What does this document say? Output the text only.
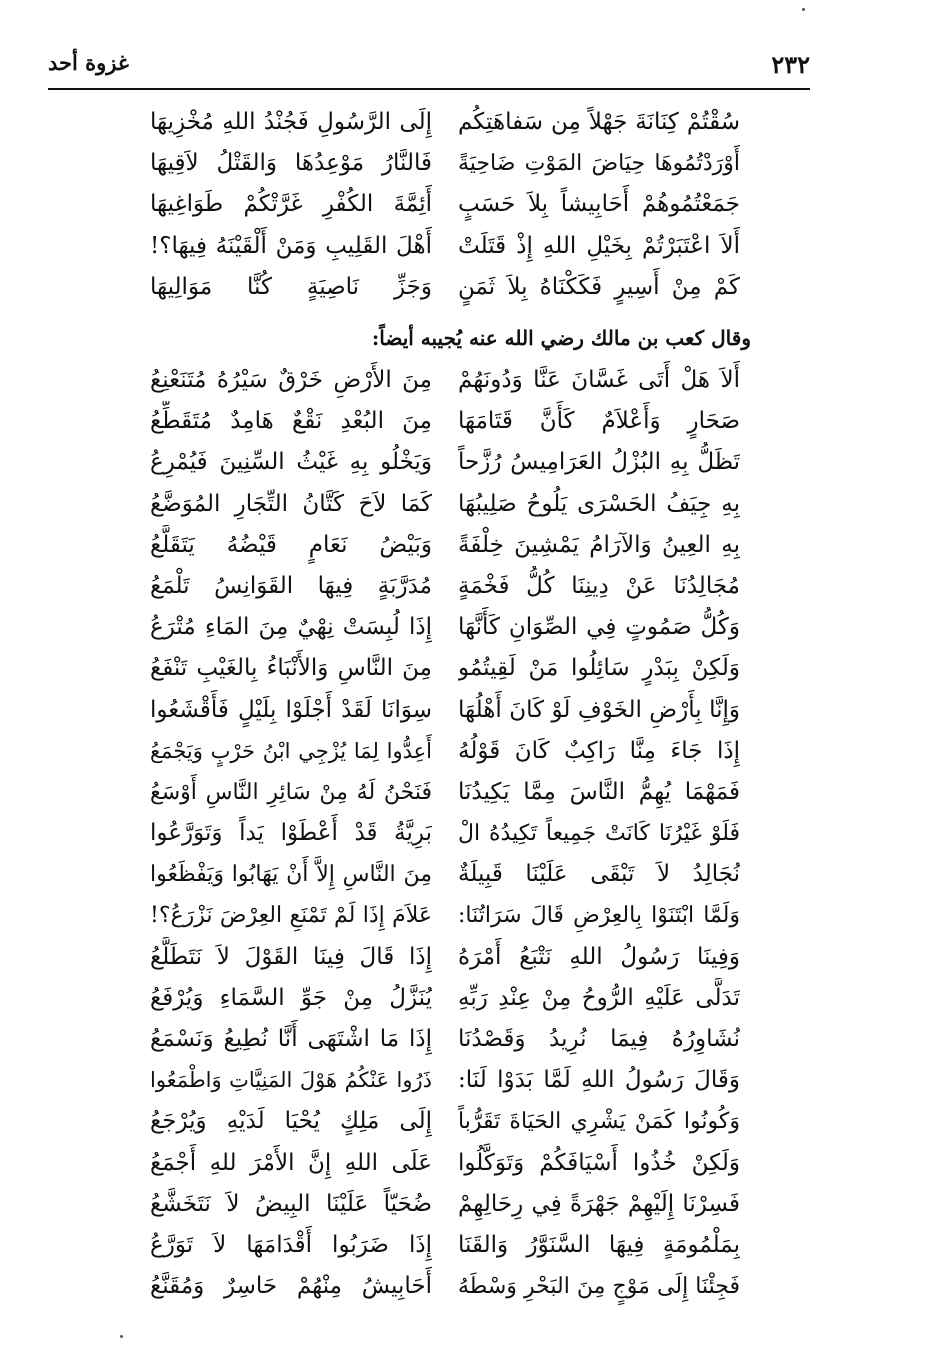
٢٣٢
غزوة أحد
سُقْتُمْ كِنَانَةَ جَهْلاً مِن سَفاهَتِكُم
إِلَى الرَّسُولِ فَجُنْدُ اللهِ مُخْزِيهَا
أَوْرَدْتُمُوهَا حِيَاضَ المَوْتِ ضَاحِيَةً
فَالنَّارُ مَوْعِدُهَا وَالقَتْلُ لاَقِيهَا
جَمَعْتُمُوهُمْ أَحَابِيشاً بِلاَ حَسَبٍ
أَئِمَّةَ الكُفْرِ غَرَّتْكُمْ طَوَاغِيهَا
أَلاَ اعْتَبَرْتُمْ بِخَيْلِ اللهِ إِذْ قَتَلَتْ
أَهْلَ القَلِيبِ وَمَنْ أَلْقَيْنَهُ فِيهَا؟!
كَمْ مِنْ أَسِيرٍ فَكَكْنَاهُ بِلاَ ثَمَنٍ
وَجَزِّ نَاصِيَةٍ كُنَّا مَوَالِيهَا
وقال كعب بن مالك رضي الله عنه يُجيبه أيضاً:
أَلاَ هَلْ أَتَى غَسَّانَ عَنَّا وَدُونَهُمْ
مِنَ الأَرْضِ خَرْقٌ سَيْرُهُ مُتَنَعْنِعُ
صَحَارٍ وَأَعْلاَمٌ كَأَنَّ قَتَامَهَا
مِنَ البُعْدِ نَقْعٌ هَامِدٌ مُتَقَطِّعُ
تَظَلُّ بِهِ البُزْلُ العَرَامِيسُ رُزَّحاً
وَيَخْلُو بِهِ غَيْثُ السِّنِينَ فَيُمْرِعُ
بِهِ جِيَفُ الحَسْرَى يَلُوحُ صَلِيبُهَا
كَمَا لاَحَ كَتَّانُ التِّجَارِ المُوَضَّعُ
بِهِ العِينُ وَالآرَامُ يَمْشِينَ خِلْفَةً
وَبَيْضُ نَعَامٍ قَيْضُهُ يَتَقَلَّعُ
مُجَالِدُنَا عَنْ دِينِنَا كُلُّ فَخْمَةٍ
مُدَرَّبَةٍ فِيهَا القَوَانِسُ تَلْمَعُ
وَكُلُّ صَمُوتٍ فِي الصِّوَانِ كَأَنَّهَا
إِذَا لُبِسَتْ نِهْيٌ مِنَ المَاءِ مُتْرَعُ
وَلَكِنْ بِبَدْرٍ سَائِلُوا مَنْ لَقِيتُمُو
مِنَ النَّاسِ وَالأَنْبَاءُ بِالغَيْبِ تَنْفَعُ
وَإِنَّا بِأَرْضِ الخَوْفِ لَوْ كَانَ أَهْلُهَا
سِوَانَا لَقَدْ أَجْلَوْا بِلَيْلٍ فَأَقْشَعُوا
إِذَا جَاءَ مِنَّا رَاكِبٌ كَانَ قَوْلُهُ
أَعِدُّوا لِمَا يُزْجِي ابْنُ حَرْبٍ وَيَجْمَعُ
فَمَهْمَا يُهِمُّ النَّاسَ مِمَّا يَكِيدُنَا
فَنَحْنُ لَهُ مِنْ سَائِرِ النَّاسِ أَوْسَعُ
فَلَوْ غَيْرُنَا كَانَتْ جَمِيعاً تَكِيدُهُ الْ
بَرِيَّةُ قَدْ أَعْطَوْا يَداً وَتَوَرَّعُوا
نُجَالِدُ لاَ تَبْقَى عَلَيْنَا قَبِيلَةٌ
مِنَ النَّاسِ إِلاَّ أَنْ يَهَابُوا وَيَفْظَعُوا
وَلَمَّا ابْتَنَوْا بِالعِرْضِ قَالَ سَرَاتُنَا:
عَلاَمَ إِذَا لَمْ تَمْنَعِ العِرْضَ نَزْرَعُ؟!
وَفِينَا رَسُولُ اللهِ نَتْبَعُ أَمْرَهُ
إِذَا قَالَ فِينَا القَوْلَ لاَ نَتَطَلَّعُ
تَدَلَّى عَلَيْهِ الرُّوحُ مِنْ عِنْدِ رَبِّهِ
يُنَزَّلُ مِنْ جَوِّ السَّمَاءِ وَيُرْفَعُ
نُشَاوِرُهُ فِيمَا نُرِيدُ وَقَصْدُنَا
إِذَا مَا اشْتَهَى أَنَّا نُطِيعُ وَنَسْمَعُ
وَقَالَ رَسُولُ اللهِ لَمَّا بَدَوْا لَنَا:
ذَرُوا عَنْكُمُ هَوْلَ المَنِيَّاتِ وَاطْمَعُوا
وَكُونُوا كَمَنْ يَشْرِي الحَيَاةَ تَقَرُّباً
إِلَى مَلِكٍ يُحْيَا لَدَيْهِ وَيُرْجَعُ
وَلَكِنْ خُذُوا أَسْيَافَكُمْ وَتَوَكَّلُوا
عَلَى اللهِ إِنَّ الأَمْرَ للهِ أَجْمَعُ
فَسِرْنَا إِلَيْهِمْ جَهْرَةً فِي رِحَالِهِمْ
ضُحَيّاً عَلَيْنَا البِيضُ لاَ نَتَخَشَّعُ
بِمَلْمُومَةٍ فِيهَا السَّنَوَّرُ وَالقَنَا
إِذَا ضَرَبُوا أَقْدَامَهَا لاَ تَوَرَّعُ
فَجِئْنَا إِلَى مَوْجٍ مِنَ البَحْرِ وَسْطَهُ
أَحَابِيشُ مِنْهُمْ حَاسِرٌ وَمُقَنَّعُ
